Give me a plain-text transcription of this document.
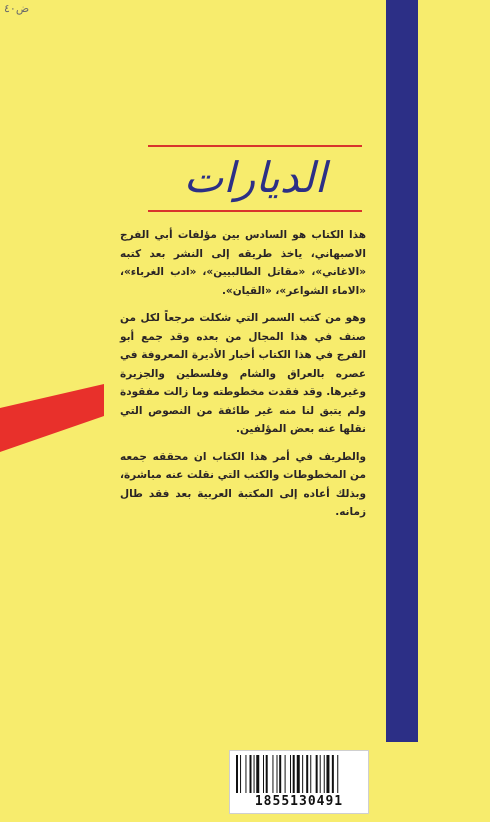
ض٤٠
الديارات

هذا الكتاب هو السادس بين مؤلفات أبي الفرج الاصبهاني، ياخذ طريقه إلى النشر بعد كتبه «الاغاني»، «مقاتل الطالبيين»، «ادب الغرباء»، «الاماء الشواعر»، «القيان».

وهو من كتب السمر التي شكلت مرجعاً لكل من صنف في هذا المجال من بعده وقد جمع أبو الفرج في هذا الكتاب أخبار الأديرة المعروفة في عصره بالعراق والشام وفلسطين والجزيرة وغيرها. وقد فقدت مخطوطته وما زالت مفقودة ولم يتبق لنا منه غير طائفة من النصوص التي نقلها عنه بعض المؤلفين.

والطريف في أمر هذا الكتاب ان محققه جمعه من المخطوطات والكتب التي نقلت عنه مباشرة، وبذلك أعاده إلى المكتبة العربية بعد فقد طال زمانه.

1855130491
